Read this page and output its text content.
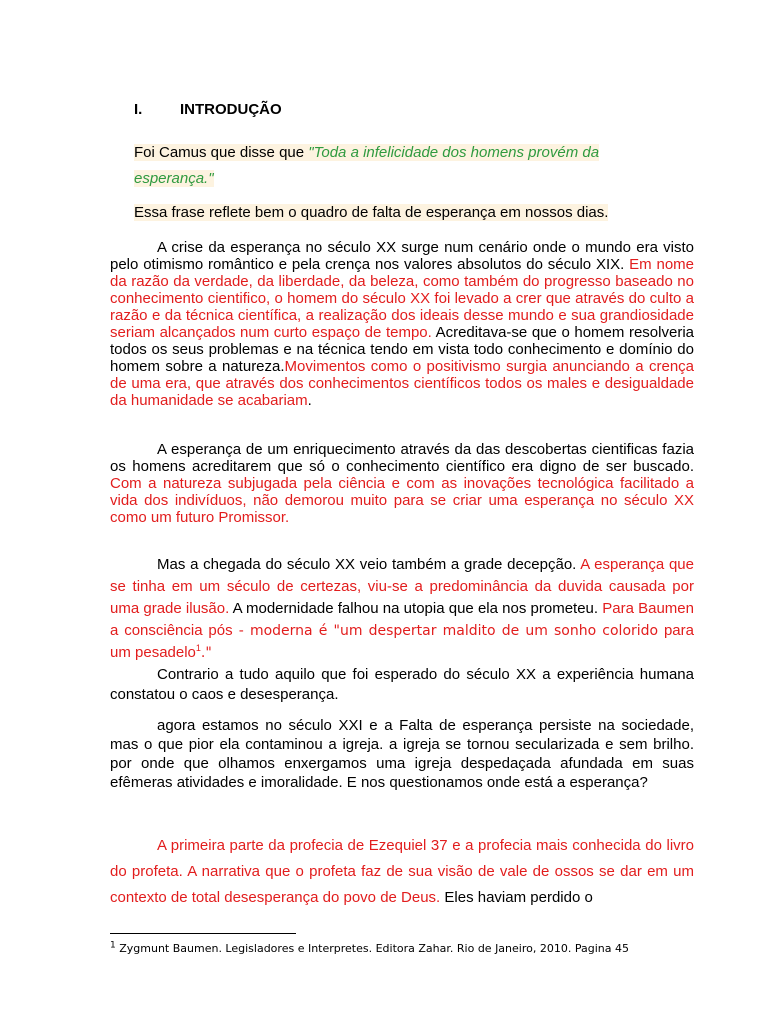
I.	INTRODUÇÃO
Foi Camus que disse que "Toda a infelicidade dos homens provém da
esperança."
Essa frase reflete bem o quadro de falta de esperança em nossos dias.
A crise da esperança no século XX surge num cenário onde o mundo era visto pelo otimismo romântico e pela crença nos valores absolutos do século XIX. Em nome da razão da verdade, da liberdade, da beleza, como também do progresso baseado no conhecimento cientifico, o homem do século XX foi levado a crer que através do culto a razão e da técnica científica, a realização dos ideais desse mundo e sua grandiosidade seriam alcançados num curto espaço de tempo. Acreditava-se que o homem resolveria todos os seus problemas e na técnica tendo em vista todo conhecimento e domínio do homem sobre a natureza.Movimentos como o positivismo surgia anunciando a crença de uma era, que através dos conhecimentos científicos todos os males e desigualdade da humanidade se acabariam.
A esperança de um enriquecimento através da das descobertas cientificas fazia os homens acreditarem que só o conhecimento científico era digno de ser buscado. Com a natureza subjugada pela ciência e com as inovações tecnológica facilitado a vida dos indivíduos, não demorou muito para se criar uma esperança no século XX como um futuro Promissor.
Mas a chegada do século XX veio também a grade decepção. A esperança que se tinha em um século de certezas, viu-se a predominância da duvida causada por uma grade ilusão. A modernidade falhou na utopia que ela nos prometeu. Para Baumen a consciência pós - moderna é "um despertar maldito de um sonho colorido para um pesadelo$^1$."
Contrario a tudo aquilo que foi esperado do século XX a experiência humana constatou o caos e desesperança.
agora estamos no século XXI e a Falta de esperança persiste na sociedade, mas o que pior ela contaminou a igreja. a igreja se tornou secularizada e sem brilho. por onde que olhamos enxergamos uma igreja despedaçada afundada em suas efêmeras atividades e imoralidade. E nos questionamos onde está a esperança?
A primeira parte da profecia de Ezequiel 37 e a profecia mais conhecida do livro do profeta. A narrativa que o profeta faz de sua visão de vale de ossos se dar em um contexto de total desesperança do povo de Deus. Eles haviam perdido o
$^1$ Zygmunt Baumen. Legisladores e Interpretes. Editora Zahar. Rio de Janeiro, 2010. Pagina 45
